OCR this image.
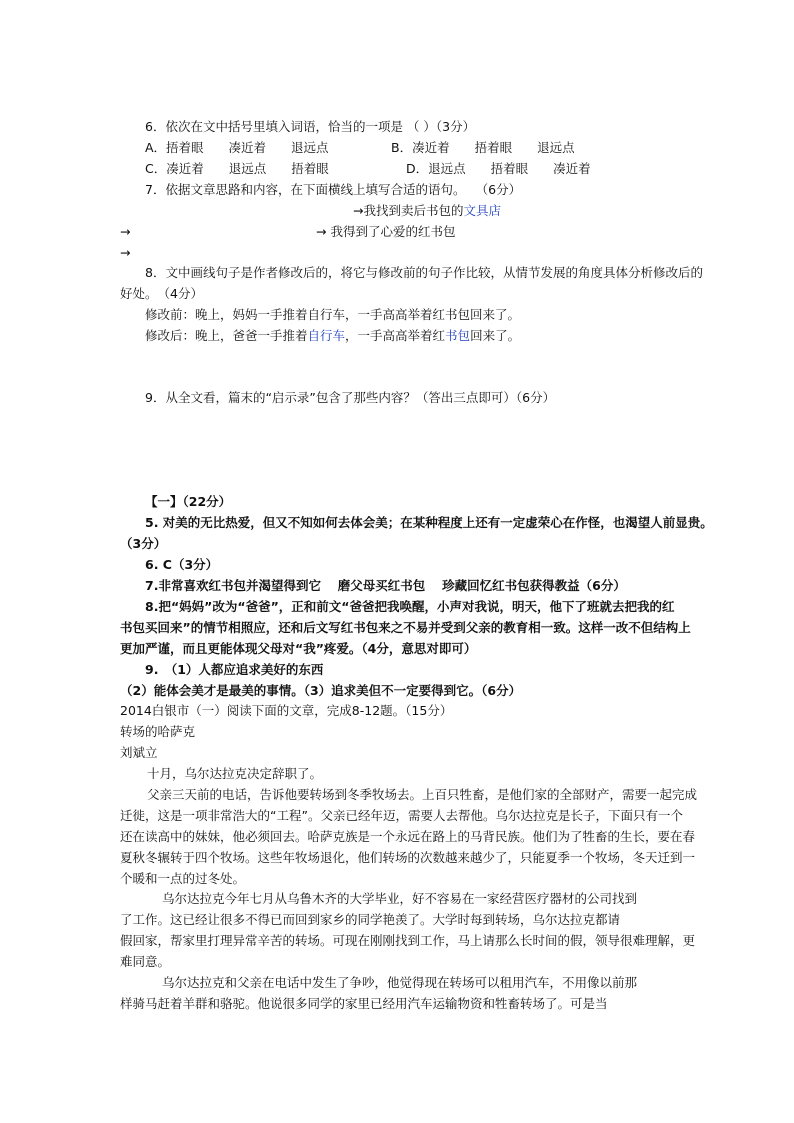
6．依次在文中括号里填入词语，恰当的一项是 （ ）（3分）
A．捂着眼　　凑近着　　退远点	B．凑近着　　捂着眼　　退远点
C．凑近着　　退远点　　捂着眼	D．退远点　　捂着眼　　凑近着
7．依据文章思路和内容，在下面横线上填写合适的语句。　 （6分）
→我找到卖后书包的文具店
→	→ 我得到了心爱的红书包
→
8．文中画线句子是作者修改后的，将它与修改前的句子作比较，从情节发展的角度具体分析修改后的
好处。　（4分）
修改前：晚上，妈妈一手推着自行车，一手高高举着红书包回来了。
修改后：晚上，爸爸一手推着自行车，一手高高举着红书包回来了。
9．从全文看，篇末的“启示录”包含了那些内容？（答出三点即可）（6分）
【一】（22分）
5. 对美的无比热爱，但又不知如何去体会美；在某种程度上还有一定虚荣心在作怪，也渴望人前显贵。
（3分）
6. C（3分）
7.非常喜欢红书包并渴望得到它　 磨父母买红书包　 珍藏回忆红书包获得教益（6分）
8.把“妈妈”改为“爸爸”，正和前文“爸爸把我唤醒，小声对我说，明天，他下了班就去把我的红
书包买回来”的情节相照应，还和后文写红书包来之不易并受到父亲的教育相一致。这样一改不但结构上
更加严谨，而且更能体现父母对“我”疼爱。（4分，意思对即可）
9.　（1）人都应追求美好的东西
（2）能体会美才是最美的事情。（3）追求美但不一定要得到它。（6分）
2014白银市（一）阅读下面的文章，完成8-12题。（15分）
转场的哈萨克
刘斌立
十月，乌尔达拉克决定辞职了。
父亲三天前的电话，告诉他要转场到冬季牧场去。上百只牲畜，是他们家的全部财产，需要一起完成
迁徙，这是一项非常浩大的“工程”。父亲已经年迈，需要人去帮他。乌尔达拉克是长子，下面只有一个
还在读高中的妹妹，他必须回去。哈萨克族是一个永远在路上的马背民族。他们为了牲畜的生长，要在春
夏秋冬辗转于四个牧场。这些年牧场退化，他们转场的次数越来越少了，只能夏季一个牧场，冬天迁到一
个暖和一点的过冬处。
乌尔达拉克今年七月从乌鲁木齐的大学毕业，好不容易在一家经营医疗器材的公司找到
了工作。这已经让很多不得已而回到家乡的同学艳羡了。大学时每到转场，乌尔达拉克都请
假回家，帮家里打理异常辛苦的转场。可现在刚刚找到工作，马上请那么长时间的假，领导很难理解，更
难同意。
乌尔达拉克和父亲在电话中发生了争吵，他觉得现在转场可以租用汽车，不用像以前那
样骑马赶着羊群和骆驼。他说很多同学的家里已经用汽车运输物资和牲畜转场了。可是当
